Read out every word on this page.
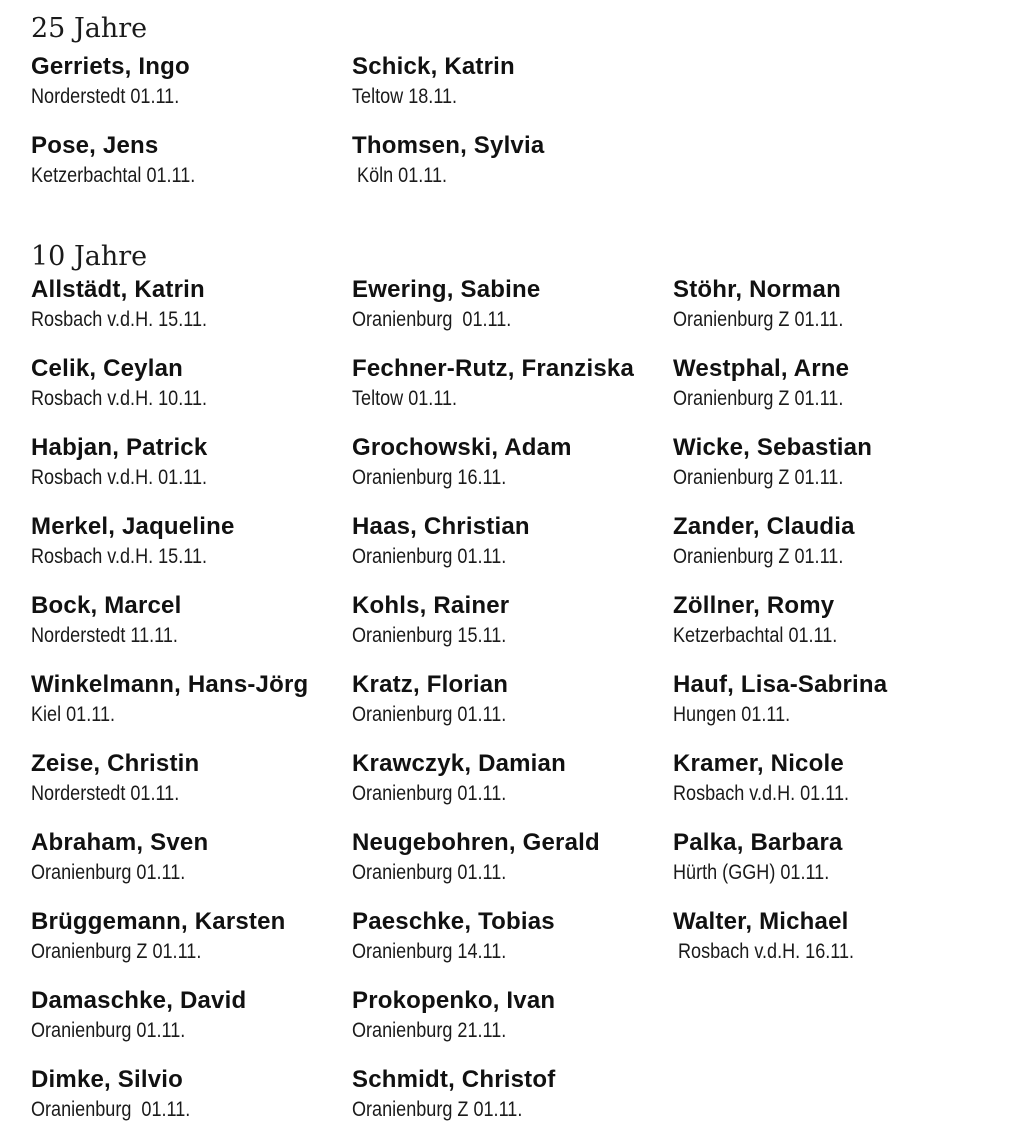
25 Jahre
Gerriets, Ingo
Norderstedt 01.11.
Schick, Katrin
Teltow 18.11.
Pose, Jens
Ketzerbachtal 01.11.
Thomsen, Sylvia
Köln 01.11.
10 Jahre
Allstädt, Katrin
Rosbach v.d.H. 15.11.
Ewering, Sabine
Oranienburg  01.11.
Stöhr, Norman
Oranienburg Z 01.11.
Celik, Ceylan
Rosbach v.d.H. 10.11.
Fechner-Rutz, Franziska
Teltow 01.11.
Westphal, Arne
Oranienburg Z 01.11.
Habjan, Patrick
Rosbach v.d.H. 01.11.
Grochowski, Adam
Oranienburg 16.11.
Wicke, Sebastian
Oranienburg Z 01.11.
Merkel, Jaqueline
Rosbach v.d.H. 15.11.
Haas, Christian
Oranienburg 01.11.
Zander, Claudia
Oranienburg Z 01.11.
Bock, Marcel
Norderstedt 11.11.
Kohls, Rainer
Oranienburg 15.11.
Zöllner, Romy
Ketzerbachtal 01.11.
Winkelmann, Hans-Jörg
Kiel 01.11.
Kratz, Florian
Oranienburg 01.11.
Hauf, Lisa-Sabrina
Hungen 01.11.
Zeise, Christin
Norderstedt 01.11.
Krawczyk, Damian
Oranienburg 01.11.
Kramer, Nicole
Rosbach v.d.H. 01.11.
Abraham, Sven
Oranienburg 01.11.
Neugebohren, Gerald
Oranienburg 01.11.
Palka, Barbara
Hürth (GGH) 01.11.
Brüggemann, Karsten
Oranienburg Z 01.11.
Paeschke, Tobias
Oranienburg 14.11.
Walter, Michael
Rosbach v.d.H. 16.11.
Damaschke, David
Oranienburg 01.11.
Prokopenko, Ivan
Oranienburg 21.11.
Dimke, Silvio
Oranienburg  01.11.
Schmidt, Christof
Oranienburg Z 01.11.
